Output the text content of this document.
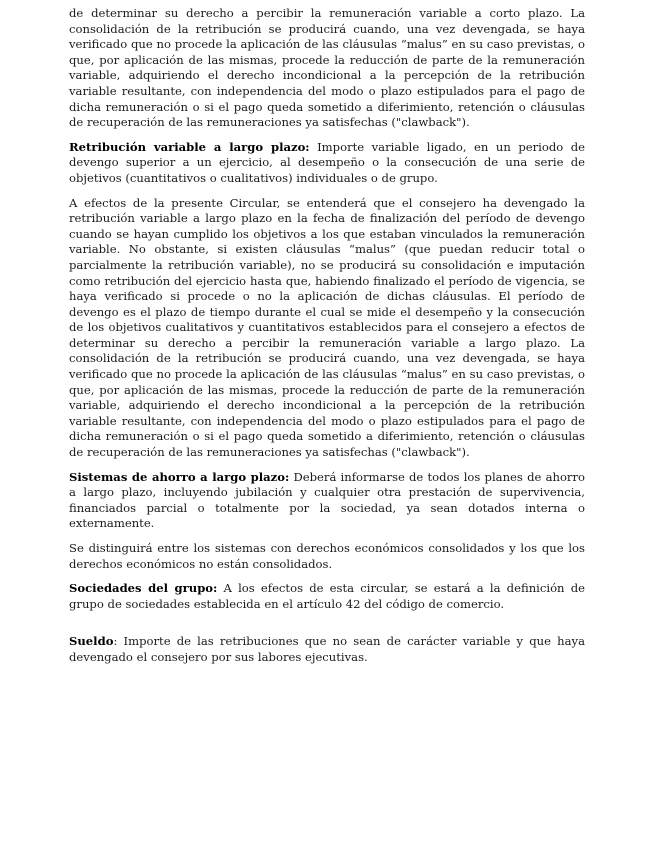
de determinar su derecho a percibir la remuneración variable a corto plazo. La consolidación de la retribución se producirá cuando, una vez devengada, se haya verificado que no procede la aplicación de las cláusulas “malus” en su caso previstas, o que, por aplicación de las mismas, procede la reducción de parte de la remuneración variable, adquiriendo el derecho incondicional a la percepción de la retribución variable resultante, con independencia del modo o plazo estipulados para el pago de dicha remuneración o si el pago queda sometido a diferimiento, retención o cláusulas de recuperación de las remuneraciones ya satisfechas ("clawback").

Retribución variable a largo plazo: Importe variable ligado, en un periodo de devengo superior a un ejercicio, al desempeño o la consecución de una serie de objetivos (cuantitativos o cualitativos) individuales o de grupo.

A efectos de la presente Circular, se entenderá que el consejero ha devengado la retribución variable a largo plazo en la fecha de finalización del período de devengo cuando se hayan cumplido los objetivos a los que estaban vinculados la remuneración variable. No obstante, si existen cláusulas “malus” (que puedan reducir total o parcialmente la retribución variable), no se producirá su consolidación e imputación como retribución del ejercicio hasta que, habiendo finalizado el período de vigencia, se haya verificado si procede o no la aplicación de dichas cláusulas. El período de devengo es el plazo de tiempo durante el cual se mide el desempeño y la consecución de los objetivos cualitativos y cuantitativos establecidos para el consejero a efectos de determinar su derecho a percibir la remuneración variable a largo plazo. La consolidación de la retribución se producirá cuando, una vez devengada, se haya verificado que no procede la aplicación de las cláusulas “malus” en su caso previstas, o que, por aplicación de las mismas, procede la reducción de parte de la remuneración variable, adquiriendo el derecho incondicional a la percepción de la retribución variable resultante, con independencia del modo o plazo estipulados para el pago de dicha remuneración o si el pago queda sometido a diferimiento, retención o cláusulas de recuperación de las remuneraciones ya satisfechas ("clawback").

Sistemas de ahorro a largo plazo: Deberá informarse de todos los planes de ahorro a largo plazo, incluyendo jubilación y cualquier otra prestación de supervivencia, financiados parcial o totalmente por la sociedad, ya sean dotados interna o externamente.

Se distinguirá entre los sistemas con derechos económicos consolidados y los que los derechos económicos no están consolidados.

Sociedades del grupo: A los efectos de esta circular, se estará a la definición de grupo de sociedades establecida en el artículo 42 del código de comercio.

Sueldo: Importe de las retribuciones que no sean de carácter variable y que haya devengado el consejero por sus labores ejecutivas.
